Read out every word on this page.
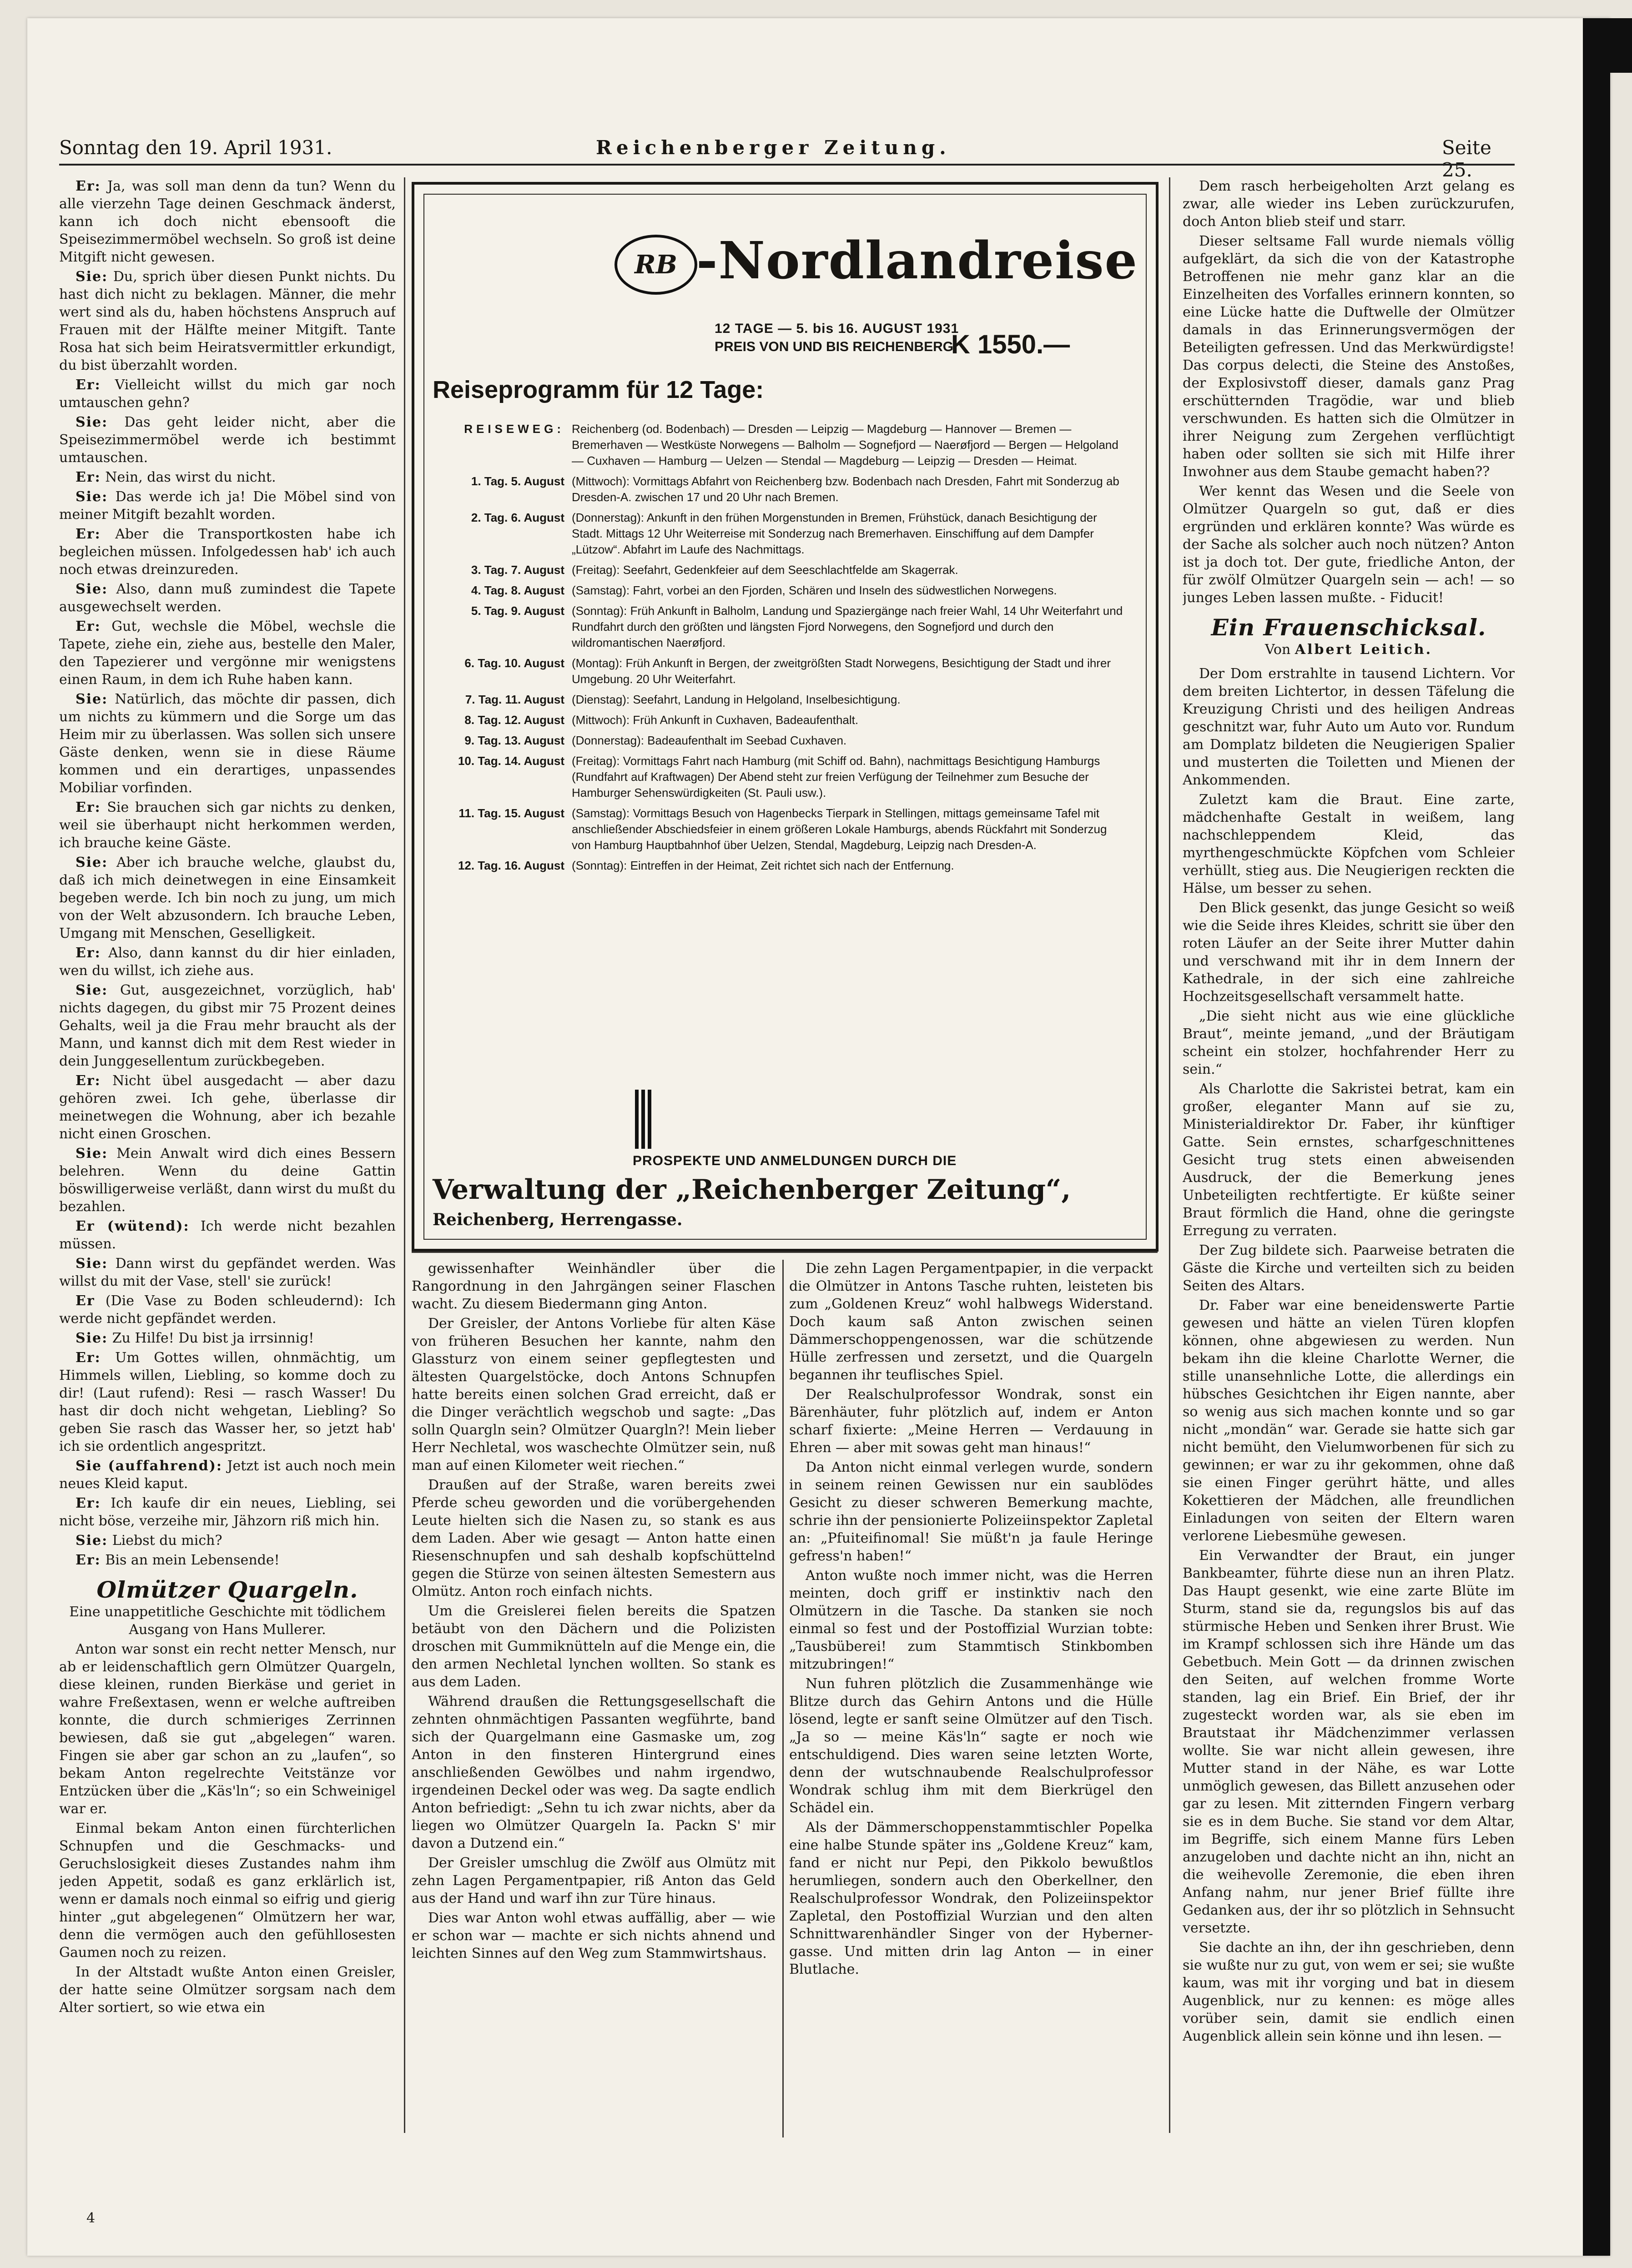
Sonntag den 19. April 1931.	Reichenberger Zeitung.	Seite 25.

Er: Ja, was soll man denn da tun? Wenn du alle vierzehn Tage deinen Geschmack änderst, kann ich doch nicht ebensooft die Speisezimmermöbel wechseln. So groß ist deine Mitgift nicht gewesen.

Sie: Du, sprich über diesen Punkt nichts. Du hast dich nicht zu beklagen. Männer, die mehr wert sind als du, haben höchstens Anspruch auf Frauen mit der Hälfte meiner Mitgift. Tante Rosa hat sich beim Heiratsvermittler erkundigt, du bist überzahlt worden.

Er: Vielleicht willst du mich gar noch umtauschen gehn?

Sie: Das geht leider nicht, aber die Speisezimmermöbel werde ich bestimmt umtauschen.

Er: Nein, das wirst du nicht.

Sie: Das werde ich ja! Die Möbel sind von meiner Mitgift bezahlt worden.

Er: Aber die Transportkosten habe ich begleichen müssen. Infolgedessen hab' ich auch noch etwas dreinzureden.

Sie: Also, dann muß zumindest die Tapete ausgewechselt werden.

Er: Gut, wechsle die Möbel, wechsle die Tapete, ziehe ein, ziehe aus, bestelle den Maler, den Tapezierer und vergönne mir wenigstens einen Raum, in dem ich Ruhe haben kann.

Sie: Natürlich, das möchte dir passen, dich um nichts zu kümmern und die Sorge um das Heim mir zu überlassen. Was sollen sich unsere Gäste denken, wenn sie in diese Räume kommen und ein derartiges, unpassendes Mobiliar vorfinden.

Er: Sie brauchen sich gar nichts zu denken, weil sie überhaupt nicht herkommen werden, ich brauche keine Gäste.

Sie: Aber ich brauche welche, glaubst du, daß ich mich deinetwegen in eine Einsamkeit begeben werde. Ich bin noch zu jung, um mich von der Welt abzusondern. Ich brauche Leben, Umgang mit Menschen, Geselligkeit.

Er: Also, dann kannst du dir hier einladen, wen du willst, ich ziehe aus.

Sie: Gut, ausgezeichnet, vorzüglich, hab' nichts dagegen, du gibst mir 75 Prozent deines Gehalts, weil ja die Frau mehr braucht als der Mann, und kannst dich mit dem Rest wieder in dein Junggesellentum zurückbegeben.

Er: Nicht übel ausgedacht — aber dazu gehören zwei. Ich gehe, überlasse dir meinetwegen die Wohnung, aber ich bezahle nicht einen Groschen.

Sie: Mein Anwalt wird dich eines Bessern belehren. Wenn du deine Gattin böswilligerweise verläßt, dann wirst du mußt du bezahlen.

Er (wütend): Ich werde nicht bezahlen müssen.

Sie: Dann wirst du gepfändet werden. Was willst du mit der Vase, stell' sie zurück!

Er (Die Vase zu Boden schleudernd): Ich werde nicht gepfändet werden.

Sie: Zu Hilfe! Du bist ja irrsinnig!

Er: Um Gottes willen, ohnmächtig, um Himmels willen, Liebling, so komme doch zu dir! (Laut rufend): Resi — rasch Wasser! Du hast dir doch nicht wehgetan, Liebling? So geben Sie rasch das Wasser her, so jetzt hab' ich sie ordentlich angespritzt.

Sie (auffahrend): Jetzt ist auch noch mein neues Kleid kaput.

Er: Ich kaufe dir ein neues, Liebling, sei nicht böse, verzeihe mir, Jähzorn riß mich hin.

Sie: Liebst du mich?

Er: Bis an mein Lebensende!

Olmützer Quargeln.

Eine unappetitliche Geschichte mit tödlichem Ausgang von Hans Mullerer.

Anton war sonst ein recht netter Mensch, nur ab er leidenschaftlich gern Olmützer Quargeln, diese kleinen, runden Bierkäse und geriet in wahre Freßextasen, wenn er welche auftreiben konnte, die durch schmieriges Zerrinnen bewiesen, daß sie gut „abgelegen“ waren. Fingen sie aber gar schon an zu „laufen“, so bekam Anton regelrechte Veitstänze vor Entzücken über die „Käs'ln“; so ein Schweinigel war er.

Einmal bekam Anton einen fürchterlichen Schnupfen und die Geschmacks- und Geruchslosigkeit dieses Zustandes nahm ihm jeden Appetit, sodaß es ganz erklärlich ist, wenn er damals noch einmal so eifrig und gierig hinter „gut abgelegenen“ Olmützern her war, denn die vermögen auch den gefühllosesten Gaumen noch zu reizen.

In der Altstadt wußte Anton einen Greisler, der hatte seine Olmützer sorgsam nach dem Alter sortiert, so wie etwa ein

RB -Nordlandreise
12 TAGE — 5. bis 16. AUGUST 1931
PREIS VON UND BIS REICHENBERG
K 1550.—
Reiseprogramm für 12 Tage:
REISEWEG: Reichenberg (od. Bodenbach) — Dresden — Leipzig — Magdeburg — Hannover — Bremen — Bremerhaven — Westküste Norwegens — Balholm — Sognefjord — Naerøfjord — Bergen — Helgoland — Cuxhaven — Hamburg — Uelzen — Stendal — Magdeburg — Leipzig — Dresden — Heimat.
1. Tag. 5. August (Mittwoch): Vormittags Abfahrt von Reichenberg bzw. Bodenbach nach Dresden, Fahrt mit Sonderzug ab Dresden-A. zwischen 17 und 20 Uhr nach Bremen.
2. Tag. 6. August (Donnerstag): Ankunft in den frühen Morgenstunden in Bremen, Frühstück, danach Besichtigung der Stadt. Mittags 12 Uhr Weiterreise mit Sonderzug nach Bremerhaven. Einschiffung auf dem Dampfer „Lützow“. Abfahrt im Laufe des Nachmittags.
3. Tag. 7. August (Freitag): Seefahrt, Gedenkfeier auf dem Seeschlachtfelde am Skagerrak.
4. Tag. 8. August (Samstag): Fahrt, vorbei an den Fjorden, Schären und Inseln des südwestlichen Norwegens.
5. Tag. 9. August (Sonntag): Früh Ankunft in Balholm, Landung und Spaziergänge nach freier Wahl, 14 Uhr Weiterfahrt und Rundfahrt durch den größten und längsten Fjord Norwegens, den Sognefjord und durch den wildromantischen Naerøfjord.
6. Tag. 10. August (Montag): Früh Ankunft in Bergen, der zweitgrößten Stadt Norwegens, Besichtigung der Stadt und ihrer Umgebung. 20 Uhr Weiterfahrt.
7. Tag. 11. August (Dienstag): Seefahrt, Landung in Helgoland, Inselbesichtigung.
8. Tag. 12. August (Mittwoch): Früh Ankunft in Cuxhaven, Badeaufenthalt.
9. Tag. 13. August (Donnerstag): Badeaufenthalt im Seebad Cuxhaven.
10. Tag. 14. August (Freitag): Vormittags Fahrt nach Hamburg (mit Schiff od. Bahn), nachmittags Besichtigung Hamburgs (Rundfahrt auf Kraftwagen) Der Abend steht zur freien Verfügung der Teilnehmer zum Besuche der Hamburger Sehenswürdigkeiten (St. Pauli usw.).
11. Tag. 15. August (Samstag): Vormittags Besuch von Hagenbecks Tierpark in Stellingen, mittags gemeinsame Tafel mit anschließender Abschiedsfeier in einem größeren Lokale Hamburgs, abends Rückfahrt mit Sonderzug von Hamburg Hauptbahnhof über Uelzen, Stendal, Magdeburg, Leipzig nach Dresden-A.
12. Tag. 16. August (Sonntag): Eintreffen in der Heimat, Zeit richtet sich nach der Entfernung.
PROSPEKTE UND ANMELDUNGEN DURCH DIE
Verwaltung der „Reichenberger Zeitung“,
Reichenberg, Herrengasse.

gewissenhafter Weinhändler über die Rangordnung in den Jahrgängen seiner Flaschen wacht. Zu diesem Biedermann ging Anton.

Der Greisler, der Antons Vorliebe für alten Käse von früheren Besuchen her kannte, nahm den Glassturz von einem seiner gepflegtesten und ältesten Quargelstöcke, doch Antons Schnupfen hatte bereits einen solchen Grad erreicht, daß er die Dinger verächtlich wegschob und sagte: „Das solln Quargln sein? Olmützer Quargln?! Mein lieber Herr Nechletal, wos waschechte Olmützer sein, nuß man auf einen Kilometer weit riechen.“

Draußen auf der Straße, waren bereits zwei Pferde scheu geworden und die vorübergehenden Leute hielten sich die Nasen zu, so stank es aus dem Laden. Aber wie gesagt — Anton hatte einen Riesenschnupfen und sah deshalb kopfschüttelnd gegen die Stürze von seinen ältesten Semestern aus Olmütz. Anton roch einfach nichts.

Um die Greislerei fielen bereits die Spatzen betäubt von den Dächern und die Polizisten droschen mit Gummiknütteln auf die Menge ein, die den armen Nechletal lynchen wollten. So stank es aus dem Laden.

Während draußen die Rettungsgesellschaft die zehnten ohnmächtigen Passanten wegführte, band sich der Quargelmann eine Gasmaske um, zog Anton in den finsteren Hintergrund eines anschließenden Gewölbes und nahm irgendwo, irgendeinen Deckel oder was weg. Da sagte endlich Anton befriedigt: „Sehn tu ich zwar nichts, aber da liegen wo Olmützer Quargeln Ia. Packn S' mir davon a Dutzend ein.“

Der Greisler umschlug die Zwölf aus Olmütz mit zehn Lagen Pergamentpapier, riß Anton das Geld aus der Hand und warf ihn zur Türe hinaus.

Dies war Anton wohl etwas auffällig, aber — wie er schon war — machte er sich nichts ahnend und leichten Sinnes auf den Weg zum Stammwirtshaus.

Die zehn Lagen Pergamentpapier, in die verpackt die Olmützer in Antons Tasche ruhten, leisteten bis zum „Goldenen Kreuz“ wohl halbwegs Widerstand. Doch kaum saß Anton zwischen seinen Dämmerschoppengenossen, war die schützende Hülle zerfressen und zersetzt, und die Quargeln begannen ihr teuflisches Spiel.

Der Realschulprofessor Wondrak, sonst ein Bärenhäuter, fuhr plötzlich auf, indem er Anton scharf fixierte: „Meine Herren — Verdauung in Ehren — aber mit sowas geht man hinaus!“

Da Anton nicht einmal verlegen wurde, sondern in seinem reinen Gewissen nur ein saublödes Gesicht zu dieser schweren Bemerkung machte, schrie ihn der pensionierte Polizeiinspektor Zapletal an: „Pfuiteifinomal! Sie müßt'n ja faule Heringe gefress'n haben!“

Anton wußte noch immer nicht, was die Herren meinten, doch griff er instinktiv nach den Olmützern in die Tasche. Da stanken sie noch einmal so fest und der Postoffizial Wurzian tobte: „Tausbüberei! zum Stammtisch Stinkbomben mitzubringen!“

Nun fuhren plötzlich die Zusammenhänge wie Blitze durch das Gehirn Antons und die Hülle lösend, legte er sanft seine Olmützer auf den Tisch. „Ja so — meine Käs'ln“ sagte er noch wie entschuldigend. Dies waren seine letzten Worte, denn der wutschnaubende Realschulprofessor Wondrak schlug ihm mit dem Bierkrügel den Schädel ein.

Als der Dämmerschoppenstammtischler Popelka eine halbe Stunde später ins „Goldene Kreuz“ kam, fand er nicht nur Pepi, den Pikkolo bewußtlos herumliegen, sondern auch den Oberkellner, den Realschulprofessor Wondrak, den Polizeiinspektor Zapletal, den Postoffizial Wurzian und den alten Schnittwarenhändler Singer von der Hybernergasse. Und mitten drin lag Anton — in einer Blutlache.

Dem rasch herbeigeholten Arzt gelang es zwar, alle wieder ins Leben zurückzurufen, doch Anton blieb steif und starr.

Dieser seltsame Fall wurde niemals völlig aufgeklärt, da sich die von der Katastrophe Betroffenen nie mehr ganz klar an die Einzelheiten des Vorfalles erinnern konnten, so eine Lücke hatte die Duftwelle der Olmützer damals in das Erinnerungsvermögen der Beteiligten gefressen. Und das Merkwürdigste! Das corpus delecti, die Steine des Anstoßes, der Explosivstoff dieser, damals ganz Prag erschütternden Tragödie, war und blieb verschwunden. Es hatten sich die Olmützer in ihrer Neigung zum Zergehen verflüchtigt haben oder sollten sie sich mit Hilfe ihrer Inwohner aus dem Staube gemacht haben??

Wer kennt das Wesen und die Seele von Olmützer Quargeln so gut, daß er dies ergründen und erklären konnte? Was würde es der Sache als solcher auch noch nützen? Anton ist ja doch tot. Der gute, friedliche Anton, der für zwölf Olmützer Quargeln sein — ach! — so junges Leben lassen mußte. - Fiducit!

Ein Frauenschicksal.
Von Albert Leitich.

Der Dom erstrahlte in tausend Lichtern. Vor dem breiten Lichtertor, in dessen Täfelung die Kreuzigung Christi und des heiligen Andreas geschnitzt war, fuhr Auto um Auto vor. Rundum am Domplatz bildeten die Neugierigen Spalier und musterten die Toiletten und Mienen der Ankommenden.

Zuletzt kam die Braut. Eine zarte, mädchenhafte Gestalt in weißem, lang nachschleppendem Kleid, das myrthengeschmückte Köpfchen vom Schleier verhüllt, stieg aus. Die Neugierigen reckten die Hälse, um besser zu sehen.

Den Blick gesenkt, das junge Gesicht so weiß wie die Seide ihres Kleides, schritt sie über den roten Läufer an der Seite ihrer Mutter dahin und verschwand mit ihr in dem Innern der Kathedrale, in der sich eine zahlreiche Hochzeitsgesellschaft versammelt hatte.

„Die sieht nicht aus wie eine glückliche Braut“, meinte jemand, „und der Bräutigam scheint ein stolzer, hochfahrender Herr zu sein.“

Als Charlotte die Sakristei betrat, kam ein großer, eleganter Mann auf sie zu, Ministerialdirektor Dr. Faber, ihr künftiger Gatte. Sein ernstes, scharfgeschnittenes Gesicht trug stets einen abweisenden Ausdruck, der die Bemerkung jenes Unbeteiligten rechtfertigte. Er küßte seiner Braut förmlich die Hand, ohne die geringste Erregung zu verraten.

Der Zug bildete sich. Paarweise betraten die Gäste die Kirche und verteilten sich zu beiden Seiten des Altars.

Dr. Faber war eine beneidenswerte Partie gewesen und hätte an vielen Türen klopfen können, ohne abgewiesen zu werden. Nun bekam ihn die kleine Charlotte Werner, die stille unansehnliche Lotte, die allerdings ein hübsches Gesichtchen ihr Eigen nannte, aber so wenig aus sich machen konnte und so gar nicht „mondän“ war. Gerade sie hatte sich gar nicht bemüht, den Vielumworbenen für sich zu gewinnen; er war zu ihr gekommen, ohne daß sie einen Finger gerührt hätte, und alles Kokettieren der Mädchen, alle freundlichen Einladungen von seiten der Eltern waren verlorene Liebesmühe gewesen.

Ein Verwandter der Braut, ein junger Bankbeamter, führte diese nun an ihren Platz. Das Haupt gesenkt, wie eine zarte Blüte im Sturm, stand sie da, regungslos bis auf das stürmische Heben und Senken ihrer Brust. Wie im Krampf schlossen sich ihre Hände um das Gebetbuch. Mein Gott — da drinnen zwischen den Seiten, auf welchen fromme Worte standen, lag ein Brief. Ein Brief, der ihr zugesteckt worden war, als sie eben im Brautstaat ihr Mädchenzimmer verlassen wollte. Sie war nicht allein gewesen, ihre Mutter stand in der Nähe, es war Lotte unmöglich gewesen, das Billett anzusehen oder gar zu lesen. Mit zitternden Fingern verbarg sie es in dem Buche. Sie stand vor dem Altar, im Begriffe, sich einem Manne fürs Leben anzugeloben und dachte nicht an ihn, nicht an die weihevolle Zeremonie, die eben ihren Anfang nahm, nur jener Brief füllte ihre Gedanken aus, der ihr so plötzlich in Sehnsucht versetzte.

Sie dachte an ihn, der ihn geschrieben, denn sie wußte nur zu gut, von wem er sei; sie wußte kaum, was mit ihr vorging und bat in diesem Augenblick, nur zu kennen: es möge alles vorüber sein, damit sie endlich einen Augenblick allein sein könne und ihn lesen. —

4
